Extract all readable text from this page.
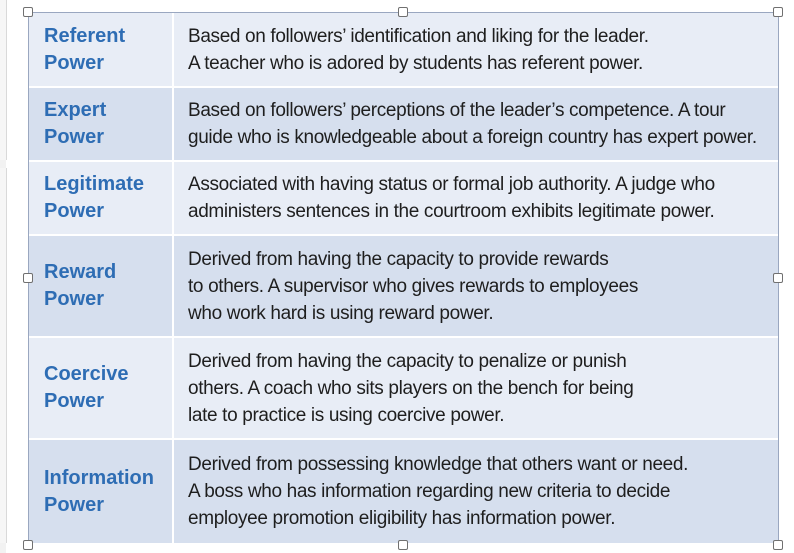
Referent
Power	Based on followers’ identification and liking for the leader.
A teacher who is adored by students has referent power.

Expert
Power	Based on followers’ perceptions of the leader’s competence. A tour
guide who is knowledgeable about a foreign country has expert power.

Legitimate
Power	Associated with having status or formal job authority. A judge who
administers sentences in the courtroom exhibits legitimate power.

Reward
Power	Derived from having the capacity to provide rewards
to others. A supervisor who gives rewards to employees
who work hard is using reward power.

Coercive
Power	Derived from having the capacity to penalize or punish
others. A coach who sits players on the bench for being
late to practice is using coercive power.

Information
Power	Derived from possessing knowledge that others want or need.
A boss who has information regarding new criteria to decide
employee promotion eligibility has information power.
